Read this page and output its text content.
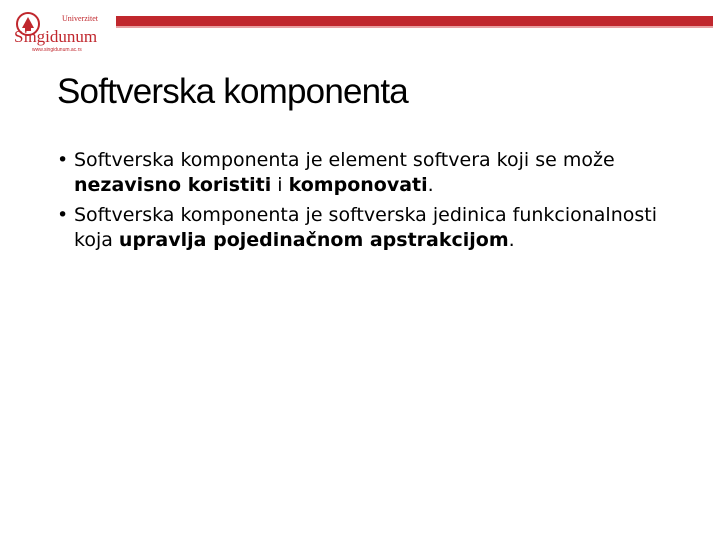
Univerzitet
Singidunum
www.singidunum.ac.rs
Softverska komponenta
• Softverska komponenta je element softvera koji se može nezavisno koristiti i komponovati.
• Softverska komponenta je softverska jedinica funkcionalnosti koja upravlja pojedinačnom apstrakcijom.
